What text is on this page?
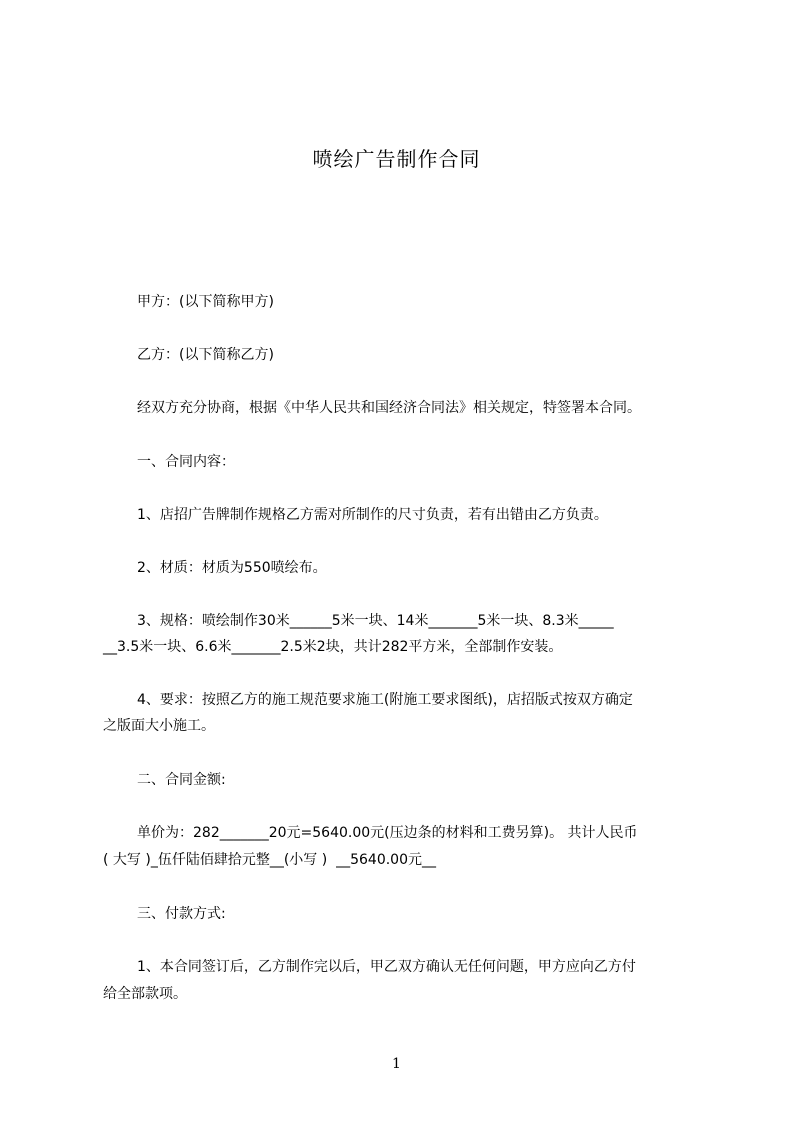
喷绘广告制作合同
甲方：(以下简称甲方)
乙方：(以下简称乙方)
经双方充分协商，根据《中华人民共和国经济合同法》相关规定，特签署本合同。
一、合同内容：
1、店招广告牌制作规格乙方需对所制作的尺寸负责，若有出错由乙方负责。
2、材质：材质为550喷绘布。
3、规格：喷绘制作30米______5米一块、14米_______5米一块、8.3米_____
__3.5米一块、6.6米_______2.5米2块，共计282平方米，全部制作安装。
4、要求：按照乙方的施工规范要求施工(附施工要求图纸)，店招版式按双方确定
之版面大小施工。
二、合同金额:
单价为：282_______20元=5640.00元(压边条的材料和工费另算)。 共计人民币
( 大写 )_伍仟陆佰肆拾元整__(小写 )  __5640.00元__
三、付款方式:
1、本合同签订后，乙方制作完以后，甲乙双方确认无任何问题，甲方应向乙方付
给全部款项。
1
